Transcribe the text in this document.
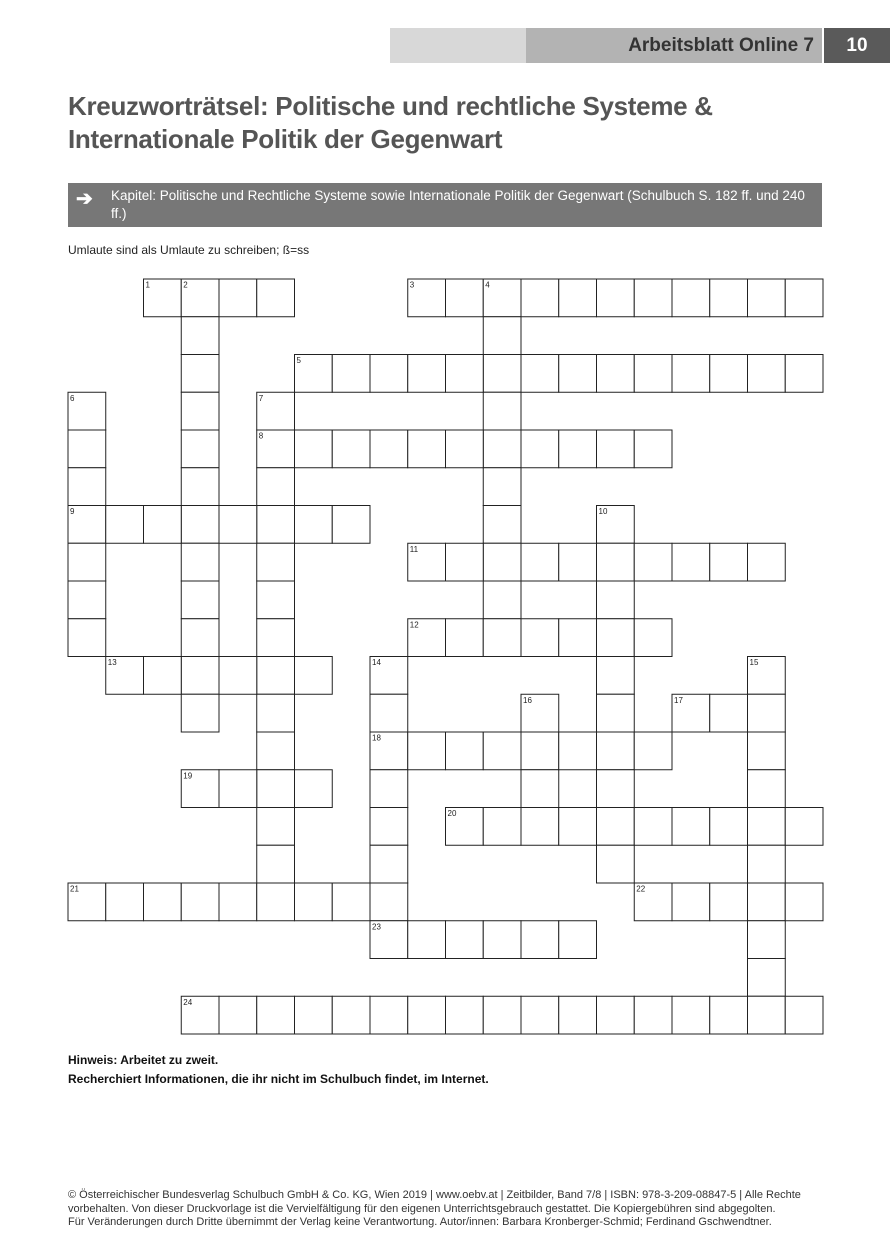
Arbeitsblatt Online 7	10
Kreuzworträtsel: Politische und rechtliche Systeme &
Internationale Politik der Gegenwart
➔ Kapitel: Politische und Rechtliche Systeme sowie Internationale Politik der Gegenwart (Schulbuch S. 182 ff. und 240 ff.)
Umlaute sind als Umlaute zu schreiben; ß=ss
1	2	3	4
5
6	7
8
9	10
11
12
13	14	15
16	17
18
19
20
21	22
23
24
Hinweis: Arbeitet zu zweit.
Recherchiert Informationen, die ihr nicht im Schulbuch findet, im Internet.
© Österreichischer Bundesverlag Schulbuch GmbH & Co. KG, Wien 2019 | www.oebv.at | Zeitbilder, Band 7/8 | ISBN: 978-3-209-08847-5 | Alle Rechte
vorbehalten. Von dieser Druckvorlage ist die Vervielfältigung für den eigenen Unterrichtsgebrauch gestattet. Die Kopiergebühren sind abgegolten.
Für Veränderungen durch Dritte übernimmt der Verlag keine Verantwortung. Autor/innen: Barbara Kronberger-Schmid; Ferdinand Gschwendtner.
